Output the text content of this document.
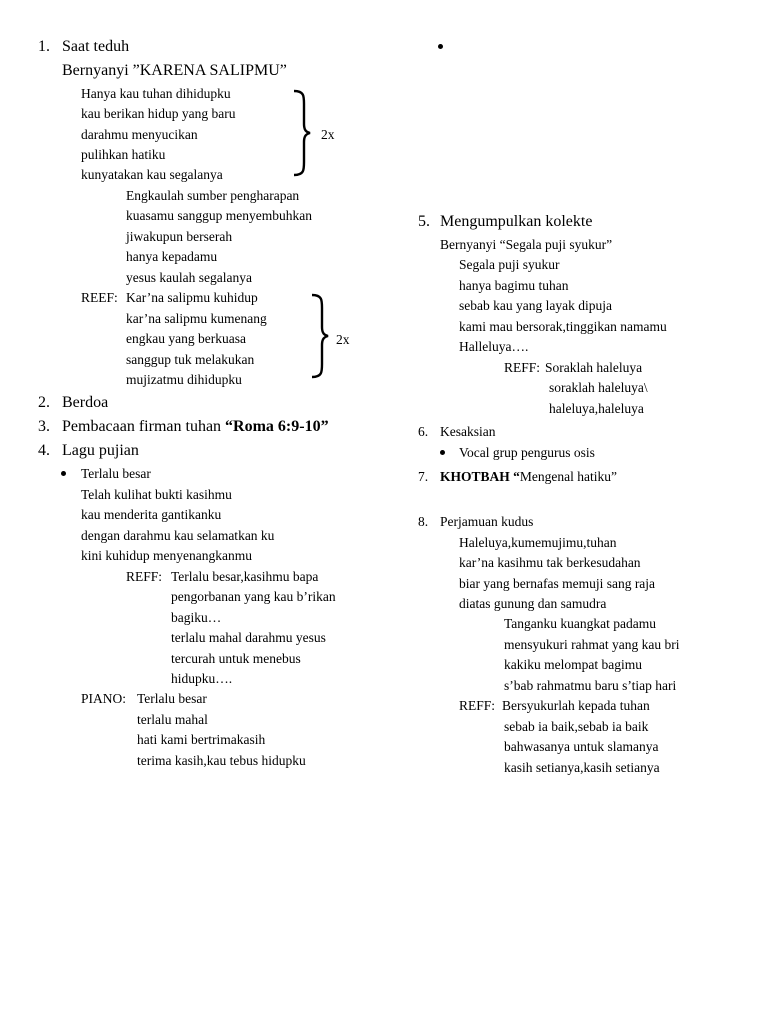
1. Saat teduh
Bernyanyi ”KARENA SALIPMU”
Hanya kau tuhan dihidupku
kau berikan hidup yang baru
darahmu menyucikan
pulihkan hatiku
kunyatakan kau segalanya
2x
Engkaulah sumber pengharapan
kuasamu sanggup menyembuhkan
jiwakupun berserah
hanya kepadamu
yesus kaulah segalanya
REEF: Kar’na salipmu kuhidup
kar’na salipmu kumenang
engkau yang berkuasa
sanggup tuk melakukan
mujizatmu dihidupku
2x
2. Berdoa
3. Pembacaan firman tuhan “Roma 6:9-10”
4. Lagu pujian
Terlalu besar
Telah kulihat bukti kasihmu
kau menderita gantikanku
dengan darahmu kau selamatkan ku
kini kuhidup menyenangkanmu
REFF: Terlalu besar,kasihmu bapa
pengorbanan yang kau b’rikan
bagiku…
terlalu mahal darahmu yesus
tercurah untuk menebus
hidupku….
PIANO: Terlalu besar
terlalu mahal
hati kami bertrimakasih
terima kasih,kau tebus hidupku
5. Mengumpulkan kolekte
Bernyanyi “Segala puji syukur”
Segala puji syukur
hanya bagimu tuhan
sebab kau yang layak dipuja
kami mau bersorak,tinggikan namamu
Halleluya….
REFF: Soraklah haleluya
soraklah haleluya\
haleluya,haleluya
6. Kesaksian
Vocal grup pengurus osis
7. KHOTBAH “Mengenal hatiku”
8. Perjamuan kudus
Haleluya,kumemujimu,tuhan
kar’na kasihmu tak berkesudahan
biar yang bernafas memuji sang raja
diatas gunung dan samudra
Tanganku kuangkat padamu
mensyukuri rahmat yang kau bri
kakiku melompat bagimu
s’bab rahmatmu baru s’tiap hari
REFF: Bersyukurlah kepada tuhan
sebab ia baik,sebab ia baik
bahwasanya untuk slamanya
kasih setianya,kasih setianya
